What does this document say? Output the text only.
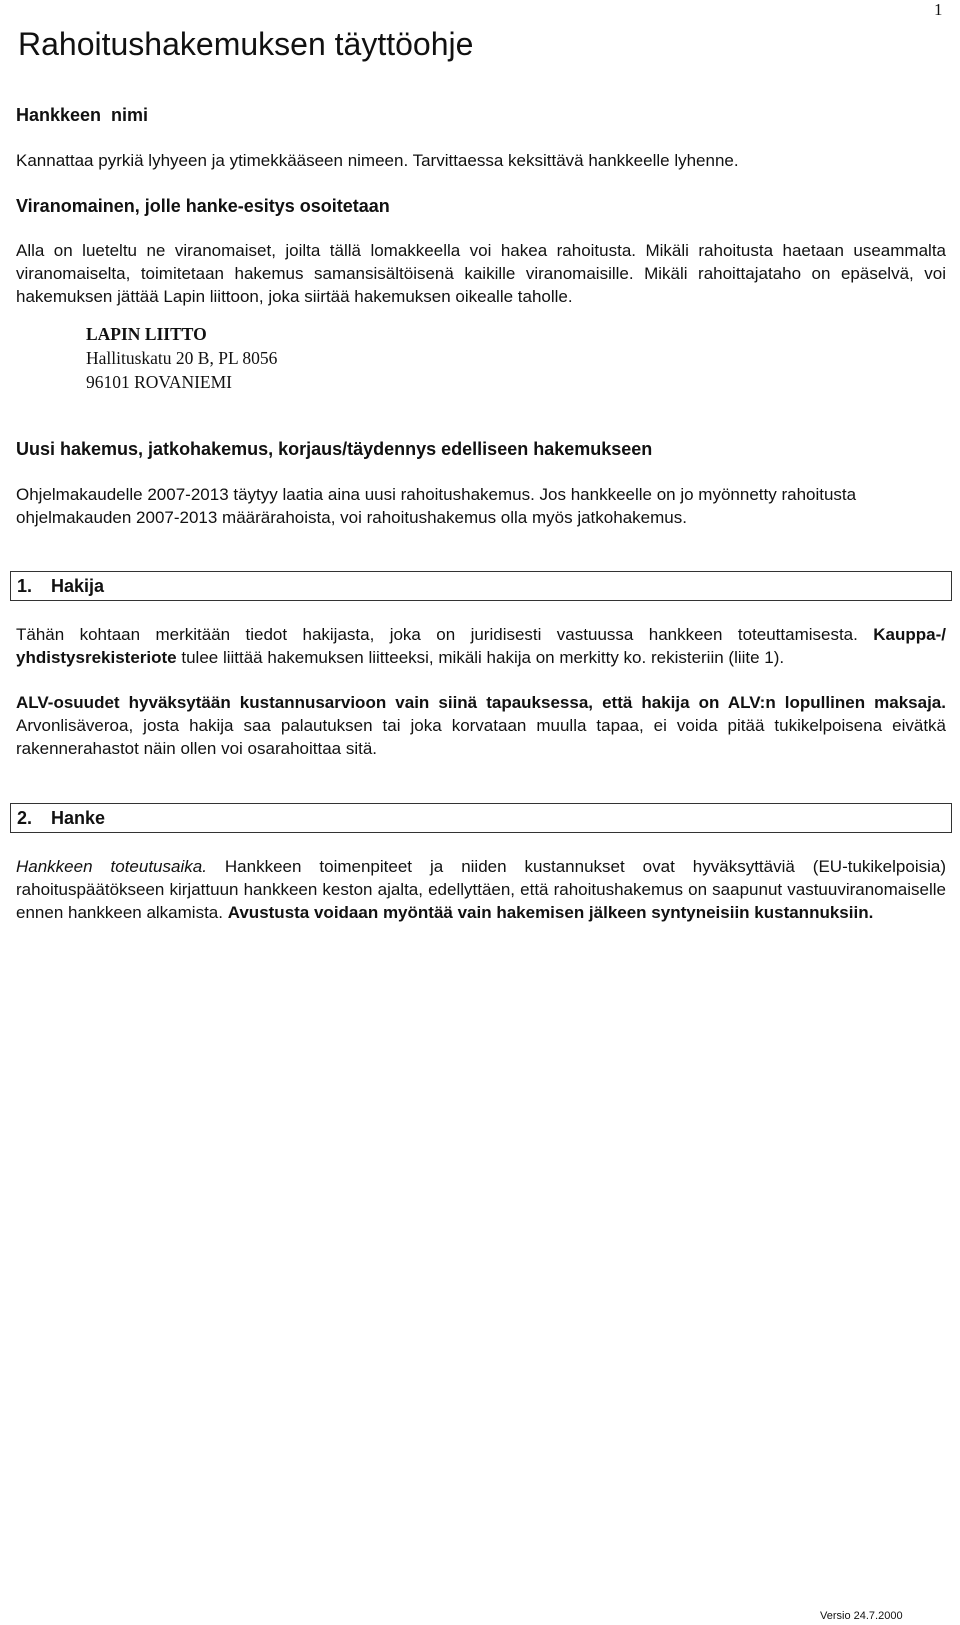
1
Rahoitushakemuksen täyttöohje

Hankkeen  nimi

Kannattaa pyrkiä lyhyeen ja ytimekkääseen nimeen. Tarvittaessa keksittävä hankkeelle lyhenne.

Viranomainen, jolle hanke-esitys osoitetaan

Alla on lueteltu ne viranomaiset, joilta tällä lomakkeella voi hakea rahoitusta. Mikäli rahoitusta haetaan useammalta viranomaiselta, toimitetaan hakemus samansisältöisenä kaikille viranomaisille. Mikäli rahoittajataho on epäselvä, voi hakemuksen jättää Lapin liittoon, joka siirtää hakemuksen oikealle taholle.

LAPIN LIITTO
Hallituskatu 20 B, PL 8056
96101 ROVANIEMI

Uusi hakemus, jatkohakemus, korjaus/täydennys edelliseen hakemukseen

Ohjelmakaudelle 2007-2013 täytyy laatia aina uusi rahoitushakemus. Jos hankkeelle on jo myönnetty rahoitusta ohjelmakauden 2007-2013 määrärahoista, voi rahoitushakemus olla myös jatkohakemus.

1.	Hakija

Tähän kohtaan merkitään tiedot hakijasta, joka on juridisesti vastuussa hankkeen toteuttamisesta. Kauppa-/ yhdistysrekisteriote tulee liittää hakemuksen liitteeksi, mikäli hakija on merkitty ko. rekisteriin (liite 1).

ALV-osuudet hyväksytään kustannusarvioon vain siinä tapauksessa, että hakija on ALV:n lopullinen maksaja. Arvonlisäveroa, josta hakija saa palautuksen tai joka korvataan muulla tapaa, ei voida pitää tukikelpoisena eivätkä rakennerahastot näin ollen voi osarahoittaa sitä.

2.	Hanke

Hankkeen toteutusaika. Hankkeen toimenpiteet ja niiden kustannukset ovat hyväksyttäviä (EU-tukikelpoisia) rahoituspäätökseen kirjattuun hankkeen keston ajalta, edellyttäen, että rahoitushakemus on saapunut vastuuviranomaiselle ennen hankkeen alkamista. Avustusta voidaan myöntää vain hakemisen jälkeen syntyneisiin kustannuksiin.

Versio 24.7.2000
